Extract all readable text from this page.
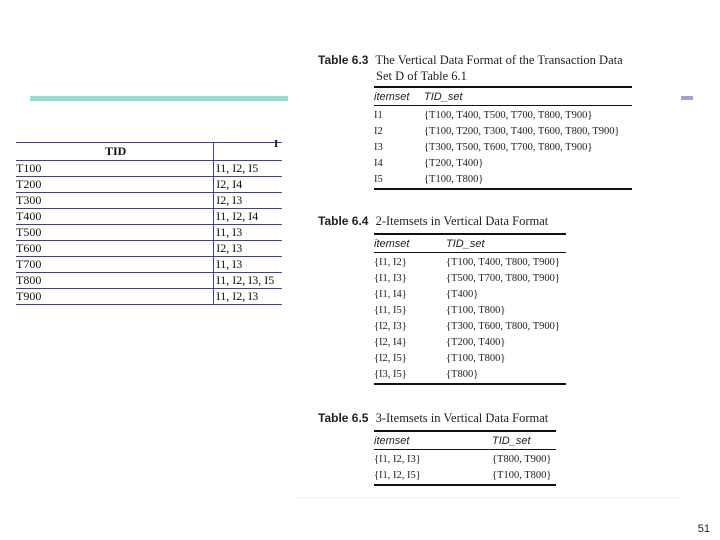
TID	
T100	I1, I2, I5
T200	I2, I4
T300	I2, I3
T400	I1, I2, I4
T500	I1, I3
T600	I2, I3
T700	I1, I3
T800	I1, I2, I3, I5
T900	I1, I2, I3
I
Table 6.3 The Vertical Data Format of the Transaction Data
Set D of Table 6.1
itemset	TID_set
I1	{T100, T400, T500, T700, T800, T900}
I2	{T100, T200, T300, T400, T600, T800, T900}
I3	{T300, T500, T600, T700, T800, T900}
I4	{T200, T400}
I5	{T100, T800}
Table 6.4 2-Itemsets in Vertical Data Format
itemset	TID_set
{I1, I2}	{T100, T400, T800, T900}
{I1, I3}	{T500, T700, T800, T900}
{I1, I4}	{T400}
{I1, I5}	{T100, T800}
{I2, I3}	{T300, T600, T800, T900}
{I2, I4}	{T200, T400}
{I2, I5}	{T100, T800}
{I3, I5}	{T800}
Table 6.5 3-Itemsets in Vertical Data Format
itemset	TID_set
{I1, I2, I3}	{T800, T900}
{I1, I2, I5}	{T100, T800}
51
